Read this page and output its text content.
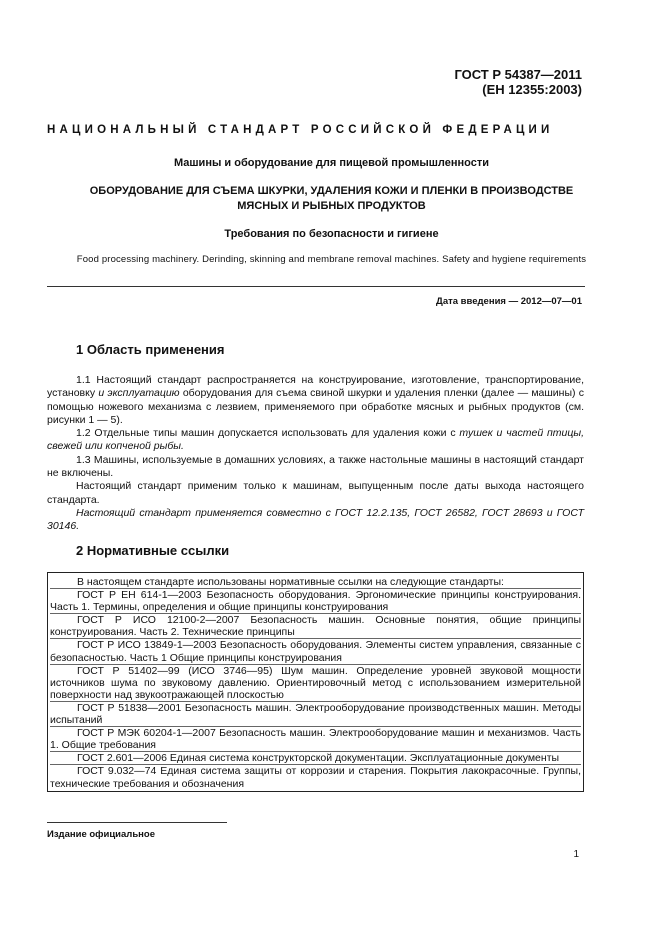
ГОСТ Р 54387—2011
(ЕН 12355:2003)
НАЦИОНАЛЬНЫЙ СТАНДАРТ РОССИЙСКОЙ ФЕДЕРАЦИИ
Машины и оборудование для пищевой промышленности
ОБОРУДОВАНИЕ ДЛЯ СЪЕМА ШКУРКИ, УДАЛЕНИЯ КОЖИ И ПЛЕНКИ В ПРОИЗВОДСТВЕ
МЯСНЫХ И РЫБНЫХ ПРОДУКТОВ
Требования по безопасности и гигиене
Food processing machinery. Derinding, skinning and membrane removal machines. Safety and hygiene requirements
Дата введения — 2012—07—01
1 Область применения

1.1 Настоящий стандарт распространяется на конструирование, изготовление, транспортирование, установку и эксплуатацию оборудования для съема свиной шкурки и удаления пленки (далее — машины) с помощью ножевого механизма с лезвием, применяемого при обработке мясных и рыбных продуктов (см. рисунки 1 — 5).

1.2 Отдельные типы машин допускается использовать для удаления кожи с тушек и частей птицы, свежей или копченой рыбы.

1.3 Машины, используемые в домашних условиях, а также настольные машины в настоящий стандарт не включены.

Настоящий стандарт применим только к машинам, выпущенным после даты выхода настоящего стандарта.

Настоящий стандарт применяется совместно с ГОСТ 12.2.135, ГОСТ 26582, ГОСТ 28693 и ГОСТ 30146.

2 Нормативные ссылки

В настоящем стандарте использованы нормативные ссылки на следующие стандарты:

ГОСТ Р ЕН 614-1—2003 Безопасность оборудования. Эргономические принципы конструирования. Часть 1. Термины, определения и общие принципы конструирования

ГОСТ Р ИСО 12100-2—2007 Безопасность машин. Основные понятия, общие принципы конструирования. Часть 2. Технические принципы

ГОСТ Р ИСО 13849-1—2003 Безопасность оборудования. Элементы систем управления, связанные с безопасностью. Часть 1 Общие принципы конструирования

ГОСТ Р 51402—99 (ИСО 3746—95) Шум машин. Определение уровней звуковой мощности источников шума по звуковому давлению. Ориентировочный метод с использованием измерительной поверхности над звукоотражающей плоскостью

ГОСТ Р 51838—2001 Безопасность машин. Электрооборудование производственных машин. Методы испытаний

ГОСТ Р МЭК 60204-1—2007 Безопасность машин. Электрооборудование машин и механизмов. Часть 1. Общие требования

ГОСТ 2.601—2006 Единая система конструкторской документации. Эксплуатационные документы

ГОСТ 9.032—74 Единая система защиты от коррозии и старения. Покрытия лакокрасочные. Группы, технические требования и обозначения

Издание официальное
1
